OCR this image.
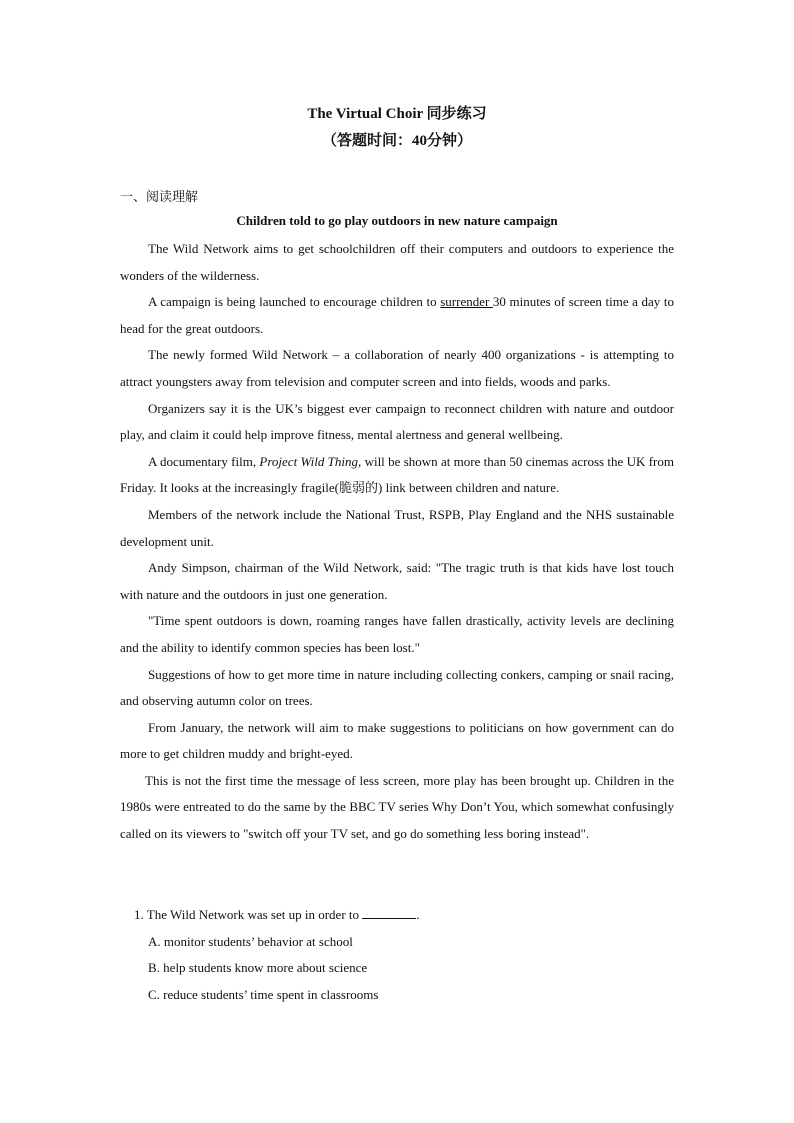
The Virtual Choir 同步练习
（答题时间：40分钟）
一、阅读理解
Children told to go play outdoors in new nature campaign

The Wild Network aims to get schoolchildren off their computers and outdoors to experience the wonders of the wilderness.

A campaign is being launched to encourage children to surrender 30 minutes of screen time a day to head for the great outdoors.

The newly formed Wild Network – a collaboration of nearly 400 organizations - is attempting to attract youngsters away from television and computer screen and into fields, woods and parks.

Organizers say it is the UK’s biggest ever campaign to reconnect children with nature and outdoor play, and claim it could help improve fitness, mental alertness and general wellbeing.

A documentary film, Project Wild Thing, will be shown at more than 50 cinemas across the UK from Friday. It looks at the increasingly fragile(脆弱的) link between children and nature.

Members of the network include the National Trust, RSPB, Play England and the NHS sustainable development unit.

Andy Simpson, chairman of the Wild Network, said: "The tragic truth is that kids have lost touch with nature and the outdoors in just one generation.

"Time spent outdoors is down, roaming ranges have fallen drastically, activity levels are declining and the ability to identify common species has been lost."

Suggestions of how to get more time in nature including collecting conkers, camping or snail racing, and observing autumn color on trees.

From January, the network will aim to make suggestions to politicians on how government can do more to get children muddy and bright-eyed.

This is not the first time the message of less screen, more play has been brought up. Children in the 1980s were entreated to do the same by the BBC TV series Why Don’t You, which somewhat confusingly called on its viewers to "switch off your TV set, and go do something less boring instead".

1. The Wild Network was set up in order to	.
A. monitor students’ behavior at school
B. help students know more about science
C. reduce students’ time spent in classrooms
